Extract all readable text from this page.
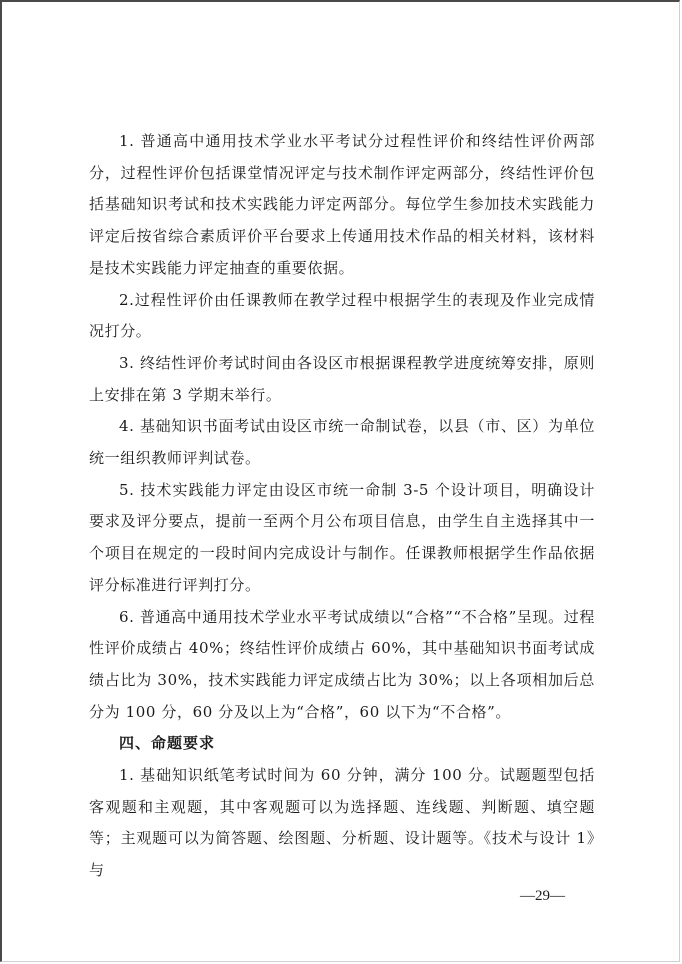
1. 普通高中通用技术学业水平考试分过程性评价和终结性评价两部分，过程性评价包括课堂情况评定与技术制作评定两部分，终结性评价包括基础知识考试和技术实践能力评定两部分。每位学生参加技术实践能力评定后按省综合素质评价平台要求上传通用技术作品的相关材料，该材料是技术实践能力评定抽查的重要依据。

2.过程性评价由任课教师在教学过程中根据学生的表现及作业完成情况打分。

3. 终结性评价考试时间由各设区市根据课程教学进度统筹安排，原则上安排在第 3 学期末举行。

4. 基础知识书面考试由设区市统一命制试卷，以县（市、区）为单位统一组织教师评判试卷。

5. 技术实践能力评定由设区市统一命制 3-5 个设计项目，明确设计要求及评分要点，提前一至两个月公布项目信息，由学生自主选择其中一个项目在规定的一段时间内完成设计与制作。任课教师根据学生作品依据评分标准进行评判打分。

6. 普通高中通用技术学业水平考试成绩以“合格”“不合格”呈现。过程性评价成绩占 40%；终结性评价成绩占 60%，其中基础知识书面考试成绩占比为 30%，技术实践能力评定成绩占比为 30%；以上各项相加后总分为 100 分，60 分及以上为“合格”，60 以下为“不合格”。

四、命题要求

1. 基础知识纸笔考试时间为 60 分钟，满分 100 分。试题题型包括客观题和主观题，其中客观题可以为选择题、连线题、判断题、填空题等；主观题可以为简答题、绘图题、分析题、设计题等。《技术与设计 1》与

—29—
